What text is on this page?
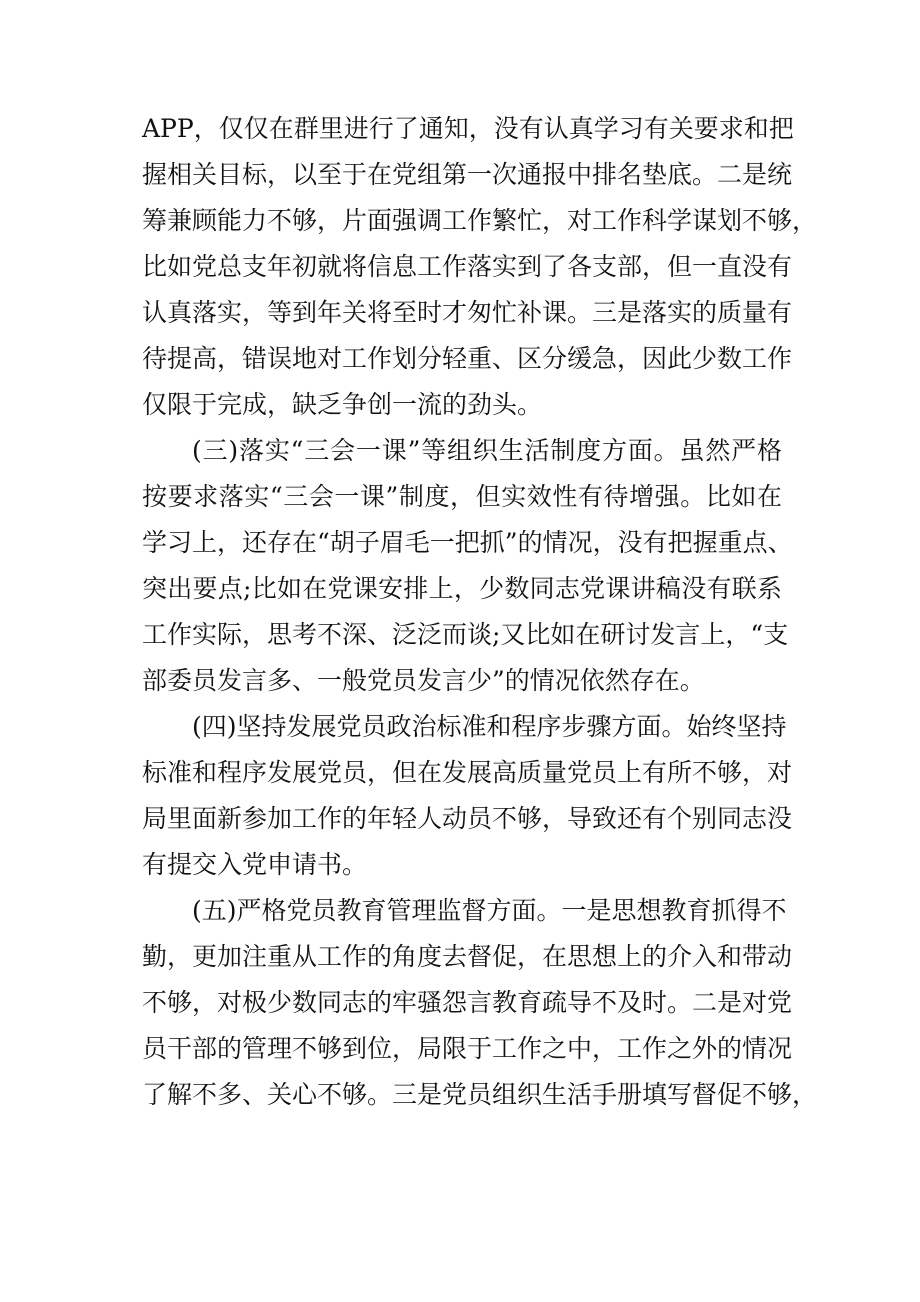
APP，仅仅在群里进行了通知，没有认真学习有关要求和把
握相关目标，以至于在党组第一次通报中排名垫底。二是统
筹兼顾能力不够，片面强调工作繁忙，对工作科学谋划不够，
比如党总支年初就将信息工作落实到了各支部，但一直没有
认真落实，等到年关将至时才匆忙补课。三是落实的质量有
待提高，错误地对工作划分轻重、区分缓急，因此少数工作
仅限于完成，缺乏争创一流的劲头。
(三)落实“三会一课”等组织生活制度方面。虽然严格
按要求落实“三会一课”制度，但实效性有待增强。比如在
学习上，还存在“胡子眉毛一把抓”的情况，没有把握重点、
突出要点;比如在党课安排上，少数同志党课讲稿没有联系
工作实际，思考不深、泛泛而谈;又比如在研讨发言上，“支
部委员发言多、一般党员发言少”的情况依然存在。
(四)坚持发展党员政治标准和程序步骤方面。始终坚持
标准和程序发展党员，但在发展高质量党员上有所不够，对
局里面新参加工作的年轻人动员不够，导致还有个别同志没
有提交入党申请书。
(五)严格党员教育管理监督方面。一是思想教育抓得不
勤，更加注重从工作的角度去督促，在思想上的介入和带动
不够，对极少数同志的牢骚怨言教育疏导不及时。二是对党
员干部的管理不够到位，局限于工作之中，工作之外的情况
了解不多、关心不够。三是党员组织生活手册填写督促不够，
